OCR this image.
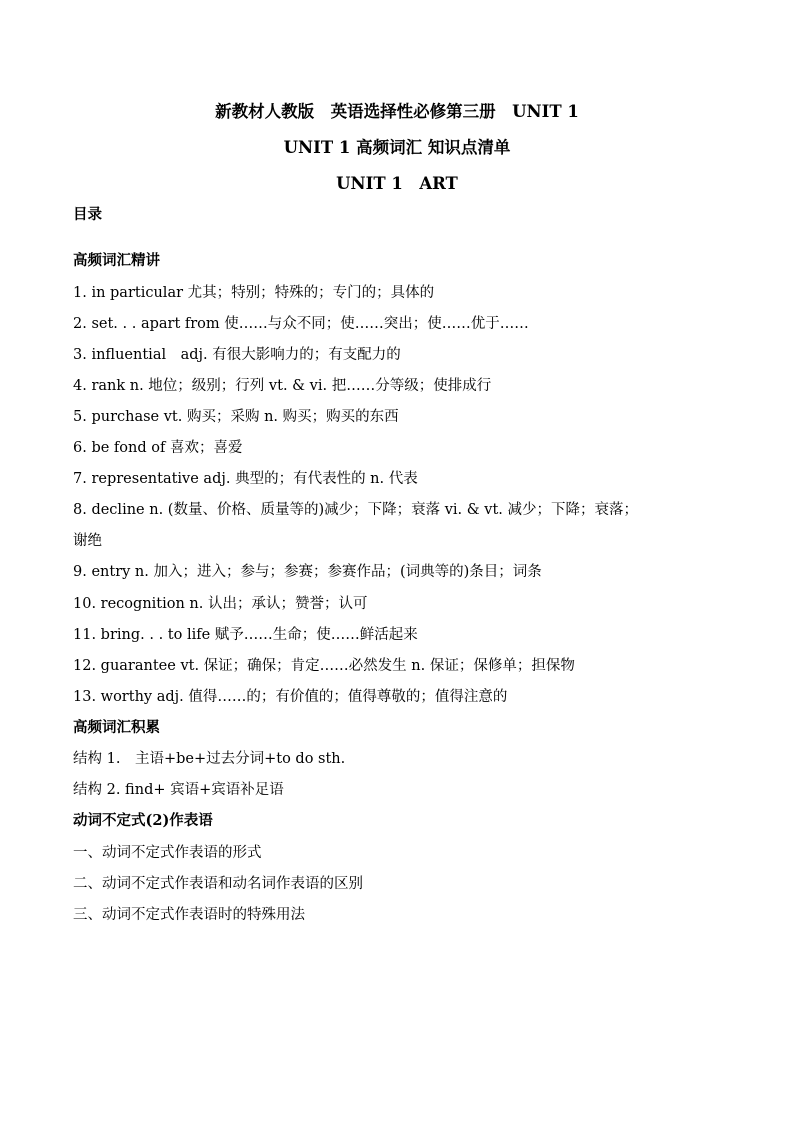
新教材人教版　英语选择性必修第三册　UNIT 1
UNIT 1 高频词汇 知识点清单
UNIT 1　ART
目录
高频词汇精讲
1. in particular 尤其；特别；特殊的；专门的；具体的
2. set. . . apart from 使……与众不同；使……突出；使……优于……
3. influential　adj. 有很大影响力的；有支配力的
4. rank n. 地位；级别；行列 vt. & vi. 把……分等级；使排成行
5. purchase vt. 购买；采购 n. 购买；购买的东西
6. be fond of 喜欢；喜爱
7. representative adj. 典型的；有代表性的 n. 代表
8. decline n. (数量、价格、质量等的)减少；下降；衰落 vi. & vt. 减少；下降；衰落；
谢绝
9. entry n. 加入；进入；参与；参赛；参赛作品；(词典等的)条目；词条
10. recognition n. 认出；承认；赞誉；认可
11. bring. . . to life 赋予……生命；使……鲜活起来
12. guarantee vt. 保证；确保；肯定……必然发生 n. 保证；保修单；担保物
13. worthy adj. 值得……的；有价值的；值得尊敬的；值得注意的
高频词汇积累
结构 1.　主语+be+过去分词+to do sth.
结构 2. find+ 宾语+宾语补足语
动词不定式(2)作表语
一、动词不定式作表语的形式
二、动词不定式作表语和动名词作表语的区别
三、动词不定式作表语时的特殊用法
